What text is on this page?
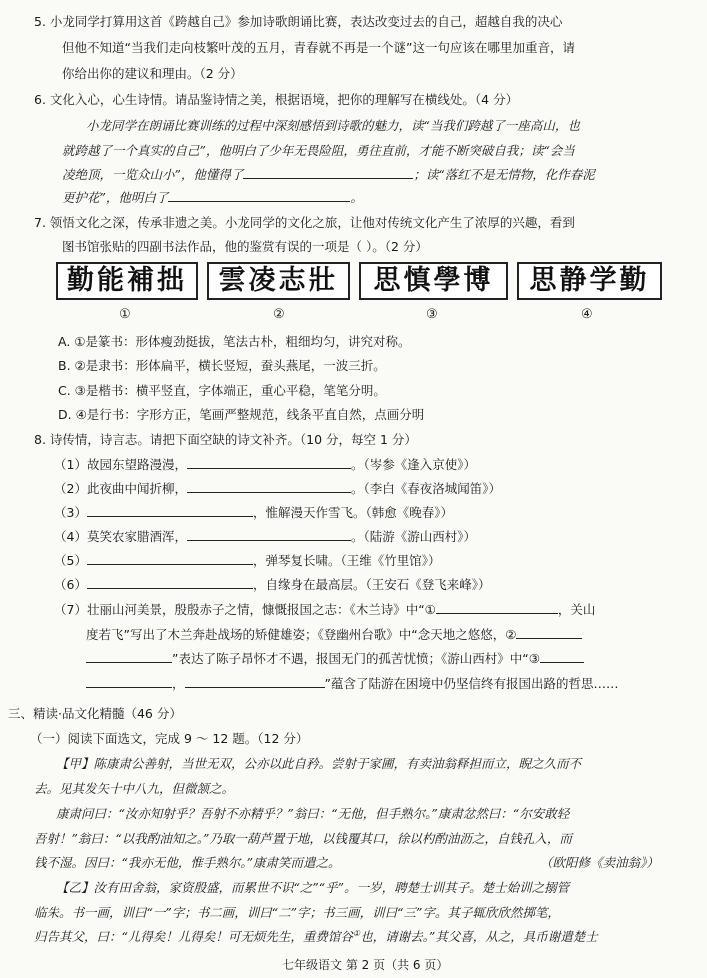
5. 小龙同学打算用这首《跨越自己》参加诗歌朗诵比赛，表达改变过去的自己，超越自我的决心
但他不知道“当我们走向枝繁叶茂的五月，青春就不再是一个谜”这一句应该在哪里加重音，请
你给出你的建议和理由。（2 分）
6. 文化入心，心生诗情。请品鉴诗情之美，根据语境，把你的理解写在横线处。（4 分）
小龙同学在朗诵比赛训练的过程中深刻感悟到诗歌的魅力，读“当我们跨越了一座高山，也
就跨越了一个真实的自己”，他明白了少年无畏险阻，勇往直前，才能不断突破自我；读“会当
凌绝顶，一览众山小”，他懂得了	；读“落红不是无情物，化作春泥
更护花”，他明白了	。
7. 领悟文化之深，传承非遗之美。小龙同学的文化之旅，让他对传统文化产生了浓厚的兴趣，看到
图书馆张贴的四副书法作品，他的鉴赏有误的一项是（ ）。（2 分）
勤能補拙	雲凌志壯	思慎學博	思静学勤
①	②	③	④
A. ①是篆书：形体瘦劲挺拔，笔法古朴，粗细均匀，讲究对称。
B. ②是隶书：形体扁平，横长竖短，蚕头燕尾，一波三折。
C. ③是楷书：横平竖直，字体端正，重心平稳，笔笔分明。
D. ④是行书：字形方正，笔画严整规范，线条平直自然，点画分明
8. 诗传情，诗言志。请把下面空缺的诗文补齐。（10 分，每空 1 分）
（1）故园东望路漫漫，	。（岑参《逢入京使》）
（2）此夜曲中闻折柳，	。（李白《春夜洛城闻笛》）
（3）	，惟解漫天作雪飞。（韩愈《晚春》）
（4）莫笑农家腊酒浑，	。（陆游《游山西村》）
（5）	，弹琴复长啸。（王维《竹里馆》）
（6）	，自缘身在最高层。（王安石《登飞来峰》）
（7）壮丽山河美景，殷殷赤子之情，慷慨报国之志：《木兰诗》中“①	，关山
度若飞”写出了木兰奔赴战场的矫健雄姿；《登幽州台歌》中“念天地之悠悠，②
”表达了陈子昂怀才不遇，报国无门的孤苦忧愤；《游山西村》中“③
，	”蕴含了陆游在困境中仍坚信终有报国出路的哲思……
三、精读·品文化精髓（46 分）
（一）阅读下面选文，完成 9 ～ 12 题。（12 分）
【甲】陈康肃公善射，当世无双，公亦以此自矜。尝射于家圃，有卖油翁释担而立，睨之久而不
去。见其发矢十中八九，但微颔之。
康肃问曰：“汝亦知射乎？吾射不亦精乎？”翁曰：“无他，但手熟尔。”康肃忿然曰：“尔安敢轻
吾射！”翁曰：“以我酌油知之。”乃取一葫芦置于地，以钱覆其口，徐以杓酌油沥之，自钱孔入，而
钱不湿。因曰：“我亦无他，惟手熟尔。”康肃笑而遣之。	（欧阳修《卖油翁》）
【乙】汝有田舍翁，家资殷盛，而累世不识“之”“乎”。一岁，聘楚士训其子。楚士始训之搦管
临朱。书一画，训曰“一”字；书二画，训曰“二”字；书三画，训曰“三”字。其子辄欣欣然掷笔，
归告其父，曰：“儿得矣！儿得矣！可无烦先生，重费馆谷①也，请谢去。”其父喜，从之，具币谢遣楚士
七年级语文 第 2 页（共 6 页）
